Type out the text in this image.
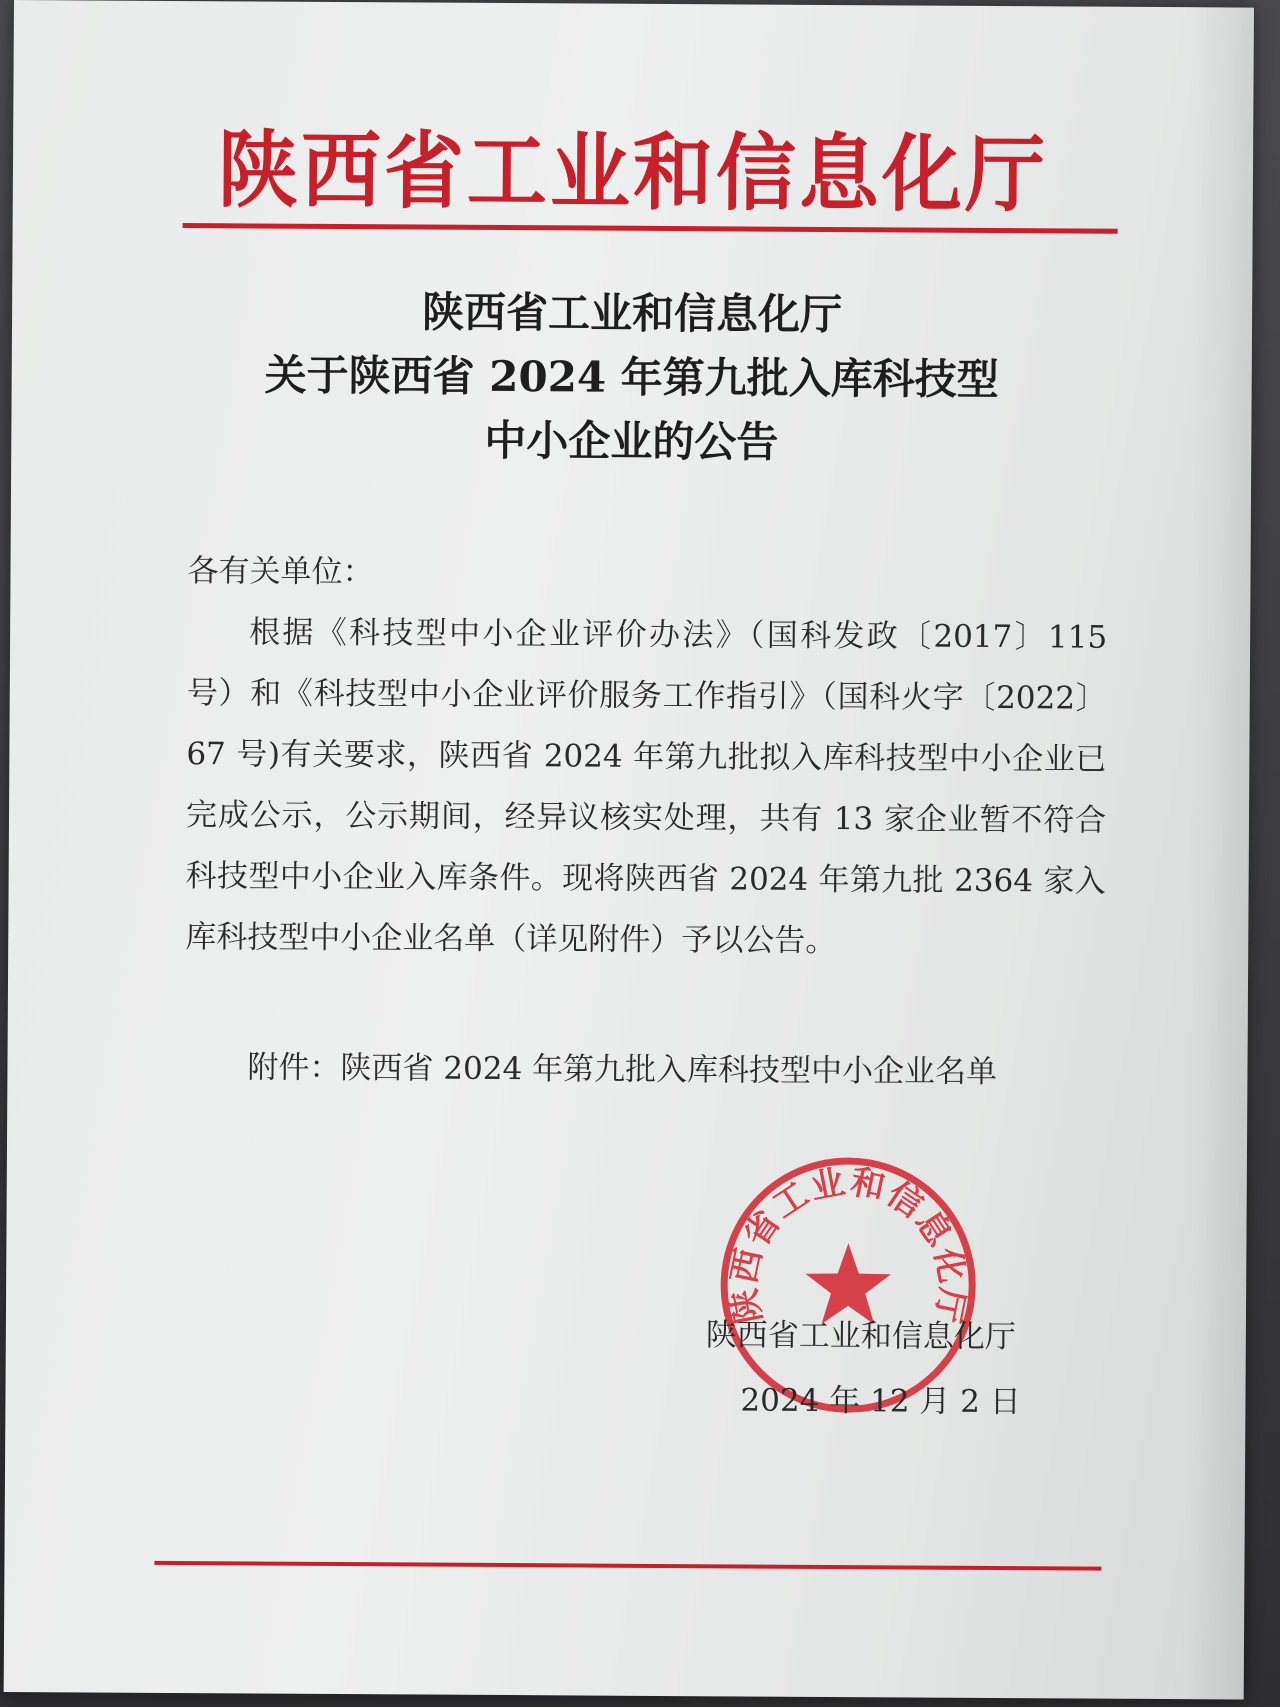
陕西省工业和信息化厅
陕西省工业和信息化厅
关于陕西省 2024 年第九批入库科技型
中小企业的公告

各有关单位：

根据《科技型中小企业评价办法》（国科发政〔2017〕115 号）和《科技型中小企业评价服务工作指引》（国科火字〔2022〕67 号)有关要求，陕西省 2024 年第九批拟入库科技型中小企业已完成公示，公示期间，经异议核实处理，共有 13 家企业暂不符合科技型中小企业入库条件。现将陕西省 2024 年第九批 2364 家入库科技型中小企业名单（详见附件）予以公告。

附件：陕西省 2024 年第九批入库科技型中小企业名单
陕西省工业和信息化厅
陕西省工业和信息化厅
2024 年 12 月 2 日
